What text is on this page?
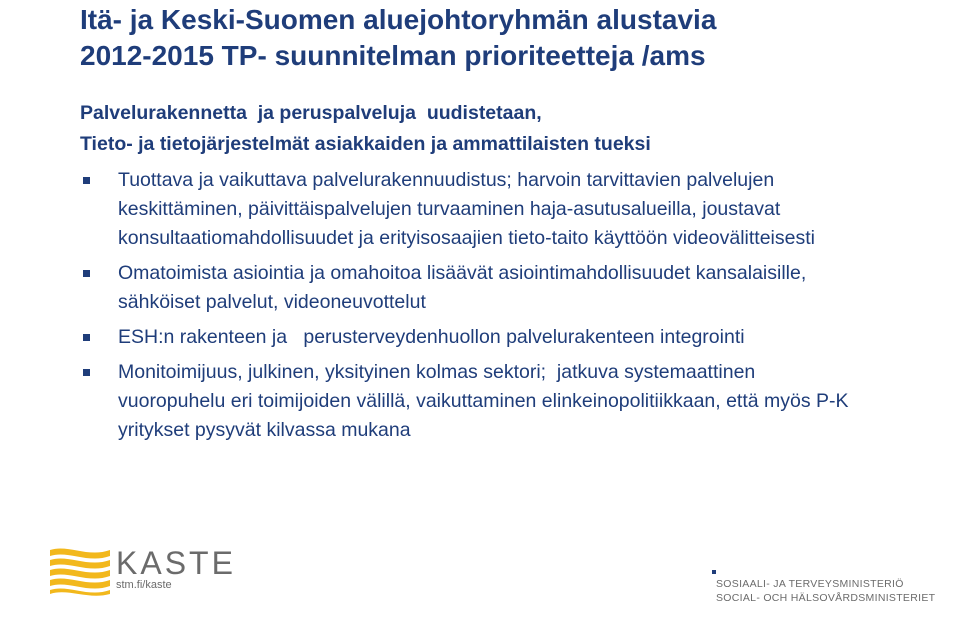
Itä- ja Keski-Suomen aluejohtoryhmän alustavia
2012-2015 TP- suunnitelman prioriteetteja /ams
Palvelurakennetta  ja peruspalveluja  uudistetaan,
Tieto- ja tietojärjestelmät asiakkaiden ja ammattilaisten tueksi
Tuottava ja vaikuttava palvelurakennuudistus; harvoin tarvittavien palvelujen keskittäminen, päivittäispalvelujen turvaaminen haja-asutusalueilla, joustavat konsultaatiomahdollisuudet ja erityisosaajien tieto-taito käyttöön videovälitteisesti
Omatoimista asiointia ja omahoitoa lisäävät asiointimahdollisuudet kansalaisille, sähköiset palvelut, videoneuvottelut
ESH:n rakenteen ja   perusterveydenhuollon palvelurakenteen integrointi
Monitoimijuus, julkinen, yksityinen kolmas sektori;  jatkuva systemaattinen vuoropuhelu eri toimijoiden välillä, vaikuttaminen elinkeinopolitiikkaan, että myös P-K yritykset pysyvät kilvassa mukana
KASTE
stm.fi/kaste	SOSIAALI- JA TERVEYSMINISTERIÖ
SOCIAL- OCH HÄLSOVÅRDSMINISTERIET
